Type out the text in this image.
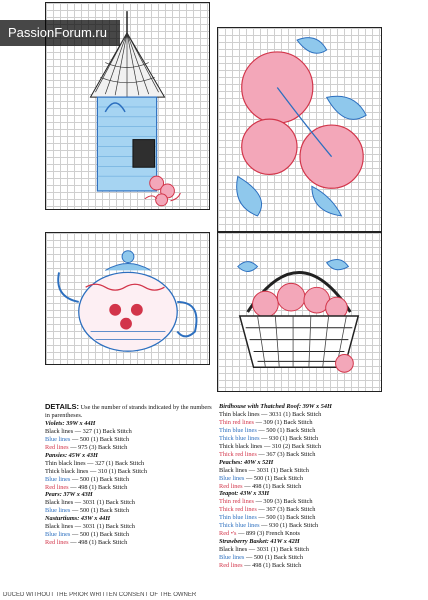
PassionForum.ru
DETAILS: Use the number of strands indicated by the numbers in parentheses.
Violets: 39W x 44H
Black lines — 327 (1) Back Stitch
Blue lines — 500 (1) Back Stitch
Red lines — 975 (3) Back Stitch
Pansies: 45W x 43H
Thin black lines — 327 (1) Back Stitch
Thick black lines — 310 (1) Back Stitch
Blue lines — 500 (1) Back Stitch
Red lines — 498 (1) Back Stitch
Pears: 37W x 43H
Black lines — 3031 (1) Back Stitch
Blue lines — 500 (1) Back Stitch
Nasturtiums: 43W x 44H
Black lines — 3031 (1) Back Stitch
Blue lines — 500 (1) Back Stitch
Red lines — 498 (1) Back Stitch
Birdhouse with Thatched Roof: 39W x 54H
Thin black lines — 3031 (1) Back Stitch
Thin red lines — 309 (1) Back Stitch
Thin blue lines — 500 (1) Back Stitch
Thick blue lines — 930 (1) Back Stitch
Thick black lines — 310 (2) Back Stitch
Thick red lines — 367 (3) Back Stitch
Peaches: 40W x 52H
Black lines — 3031 (1) Back Stitch
Blue lines — 500 (1) Back Stitch
Red lines — 498 (1) Back Stitch
Teapot: 43W x 33H
Thin red lines — 309 (3) Back Stitch
Thick red lines — 367 (3) Back Stitch
Thin blue lines — 500 (1) Back Stitch
Thick blue lines — 930 (1) Back Stitch
Red •'s — 899 (3) French Knots
Strawberry Basket: 41W x 42H
Black lines — 3031 (1) Back Stitch
Blue lines — 500 (1) Back Stitch
Red lines — 498 (1) Back Stitch
DUCED WITHOUT THE PRIOR WRITTEN CONSENT OF THE OWNER
